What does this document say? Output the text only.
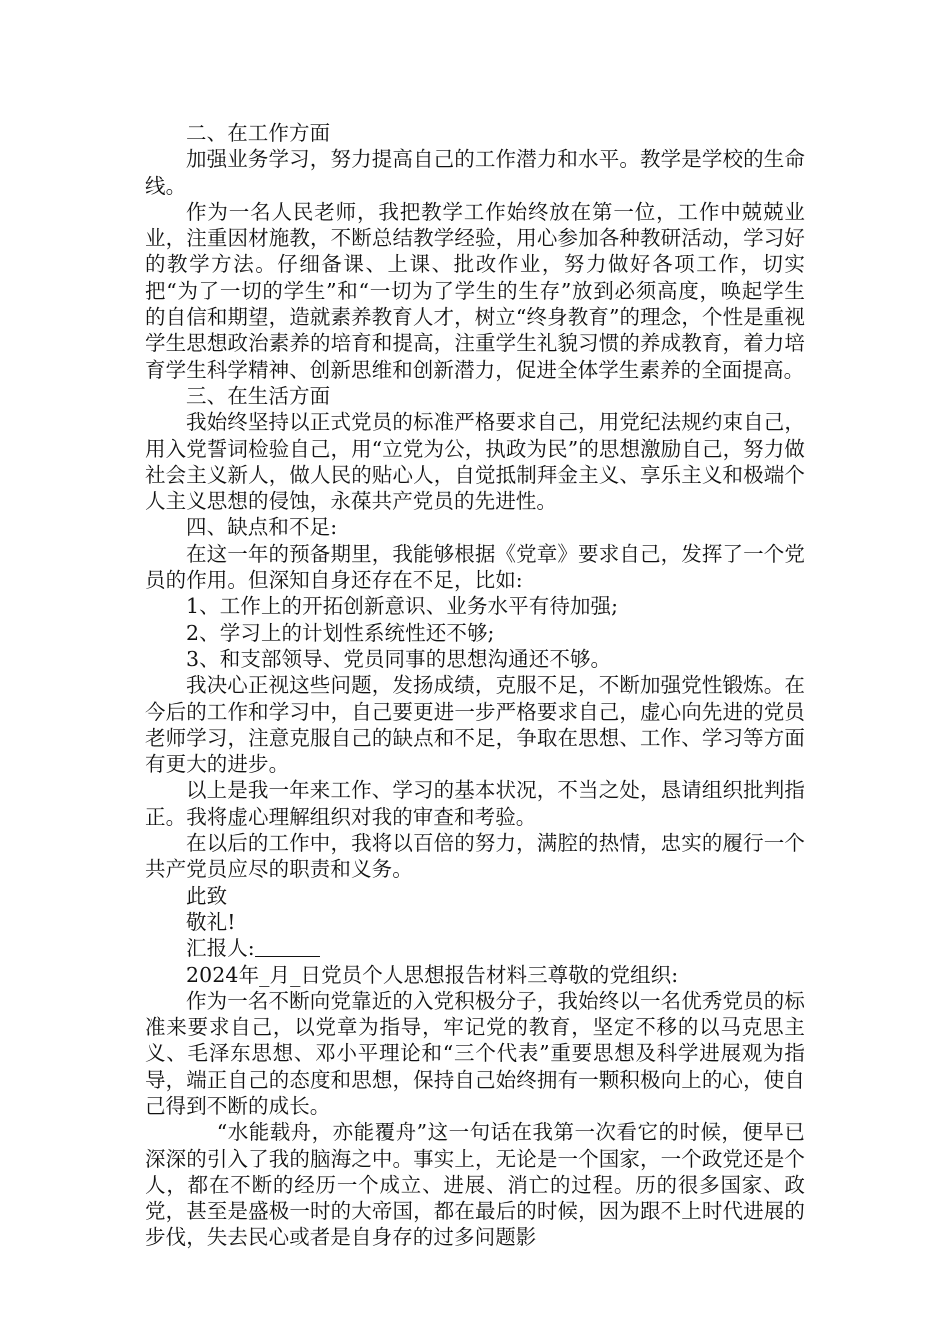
二、在工作方面

加强业务学习，努力提高自己的工作潜力和水平。教学是学校的生命线。

作为一名人民老师，我把教学工作始终放在第一位，工作中兢兢业业，注重因材施教，不断总结教学经验，用心参加各种教研活动，学习好的教学方法。仔细备课、上课、批改作业，努力做好各项工作，切实把“为了一切的学生”和“一切为了学生的生存”放到必须高度，唤起学生的自信和期望，造就素养教育人才，树立“终身教育”的理念，个性是重视学生思想政治素养的培育和提高，注重学生礼貌习惯的养成教育，着力培育学生科学精神、创新思维和创新潜力，促进全体学生素养的全面提高。

三、在生活方面

我始终坚持以正式党员的标准严格要求自己，用党纪法规约束自己，用入党誓词检验自己，用“立党为公，执政为民”的思想激励自己，努力做社会主义新人，做人民的贴心人，自觉抵制拜金主义、享乐主义和极端个人主义思想的侵蚀，永葆共产党员的先进性。

四、缺点和不足:

在这一年的预备期里，我能够根据《党章》要求自己，发挥了一个党员的作用。但深知自身还存在不足，比如:

1、工作上的开拓创新意识、业务水平有待加强;

2、学习上的计划性系统性还不够;

3、和支部领导、党员同事的思想沟通还不够。

我决心正视这些问题，发扬成绩，克服不足，不断加强党性锻炼。在今后的工作和学习中，自己要更进一步严格要求自己，虚心向先进的党员老师学习，注意克服自己的缺点和不足，争取在思想、工作、学习等方面有更大的进步。

以上是我一年来工作、学习的基本状况，不当之处，恳请组织批判指正。我将虚心理解组织对我的审查和考验。

在以后的工作中，我将以百倍的努力，满腔的热情，忠实的履行一个共产党员应尽的职责和义务。

此致

敬礼!

汇报人:

2024年_月_日党员个人思想报告材料三尊敬的党组织:

作为一名不断向党靠近的入党积极分子，我始终以一名优秀党员的标准来要求自己，以党章为指导，牢记党的教育，坚定不移的以马克思主义、毛泽东思想、邓小平理论和“三个代表”重要思想及科学进展观为指导，端正自己的态度和思想，保持自己始终拥有一颗积极向上的心，使自己得到不断的成长。

“水能载舟，亦能覆舟”这一句话在我第一次看它的时候，便早已深深的引入了我的脑海之中。事实上，无论是一个国家，一个政党还是个人，都在不断的经历一个成立、进展、消亡的过程。历的很多国家、政党，甚至是盛极一时的大帝国，都在最后的时候，因为跟不上时代进展的步伐，失去民心或者是自身存的过多问题影
